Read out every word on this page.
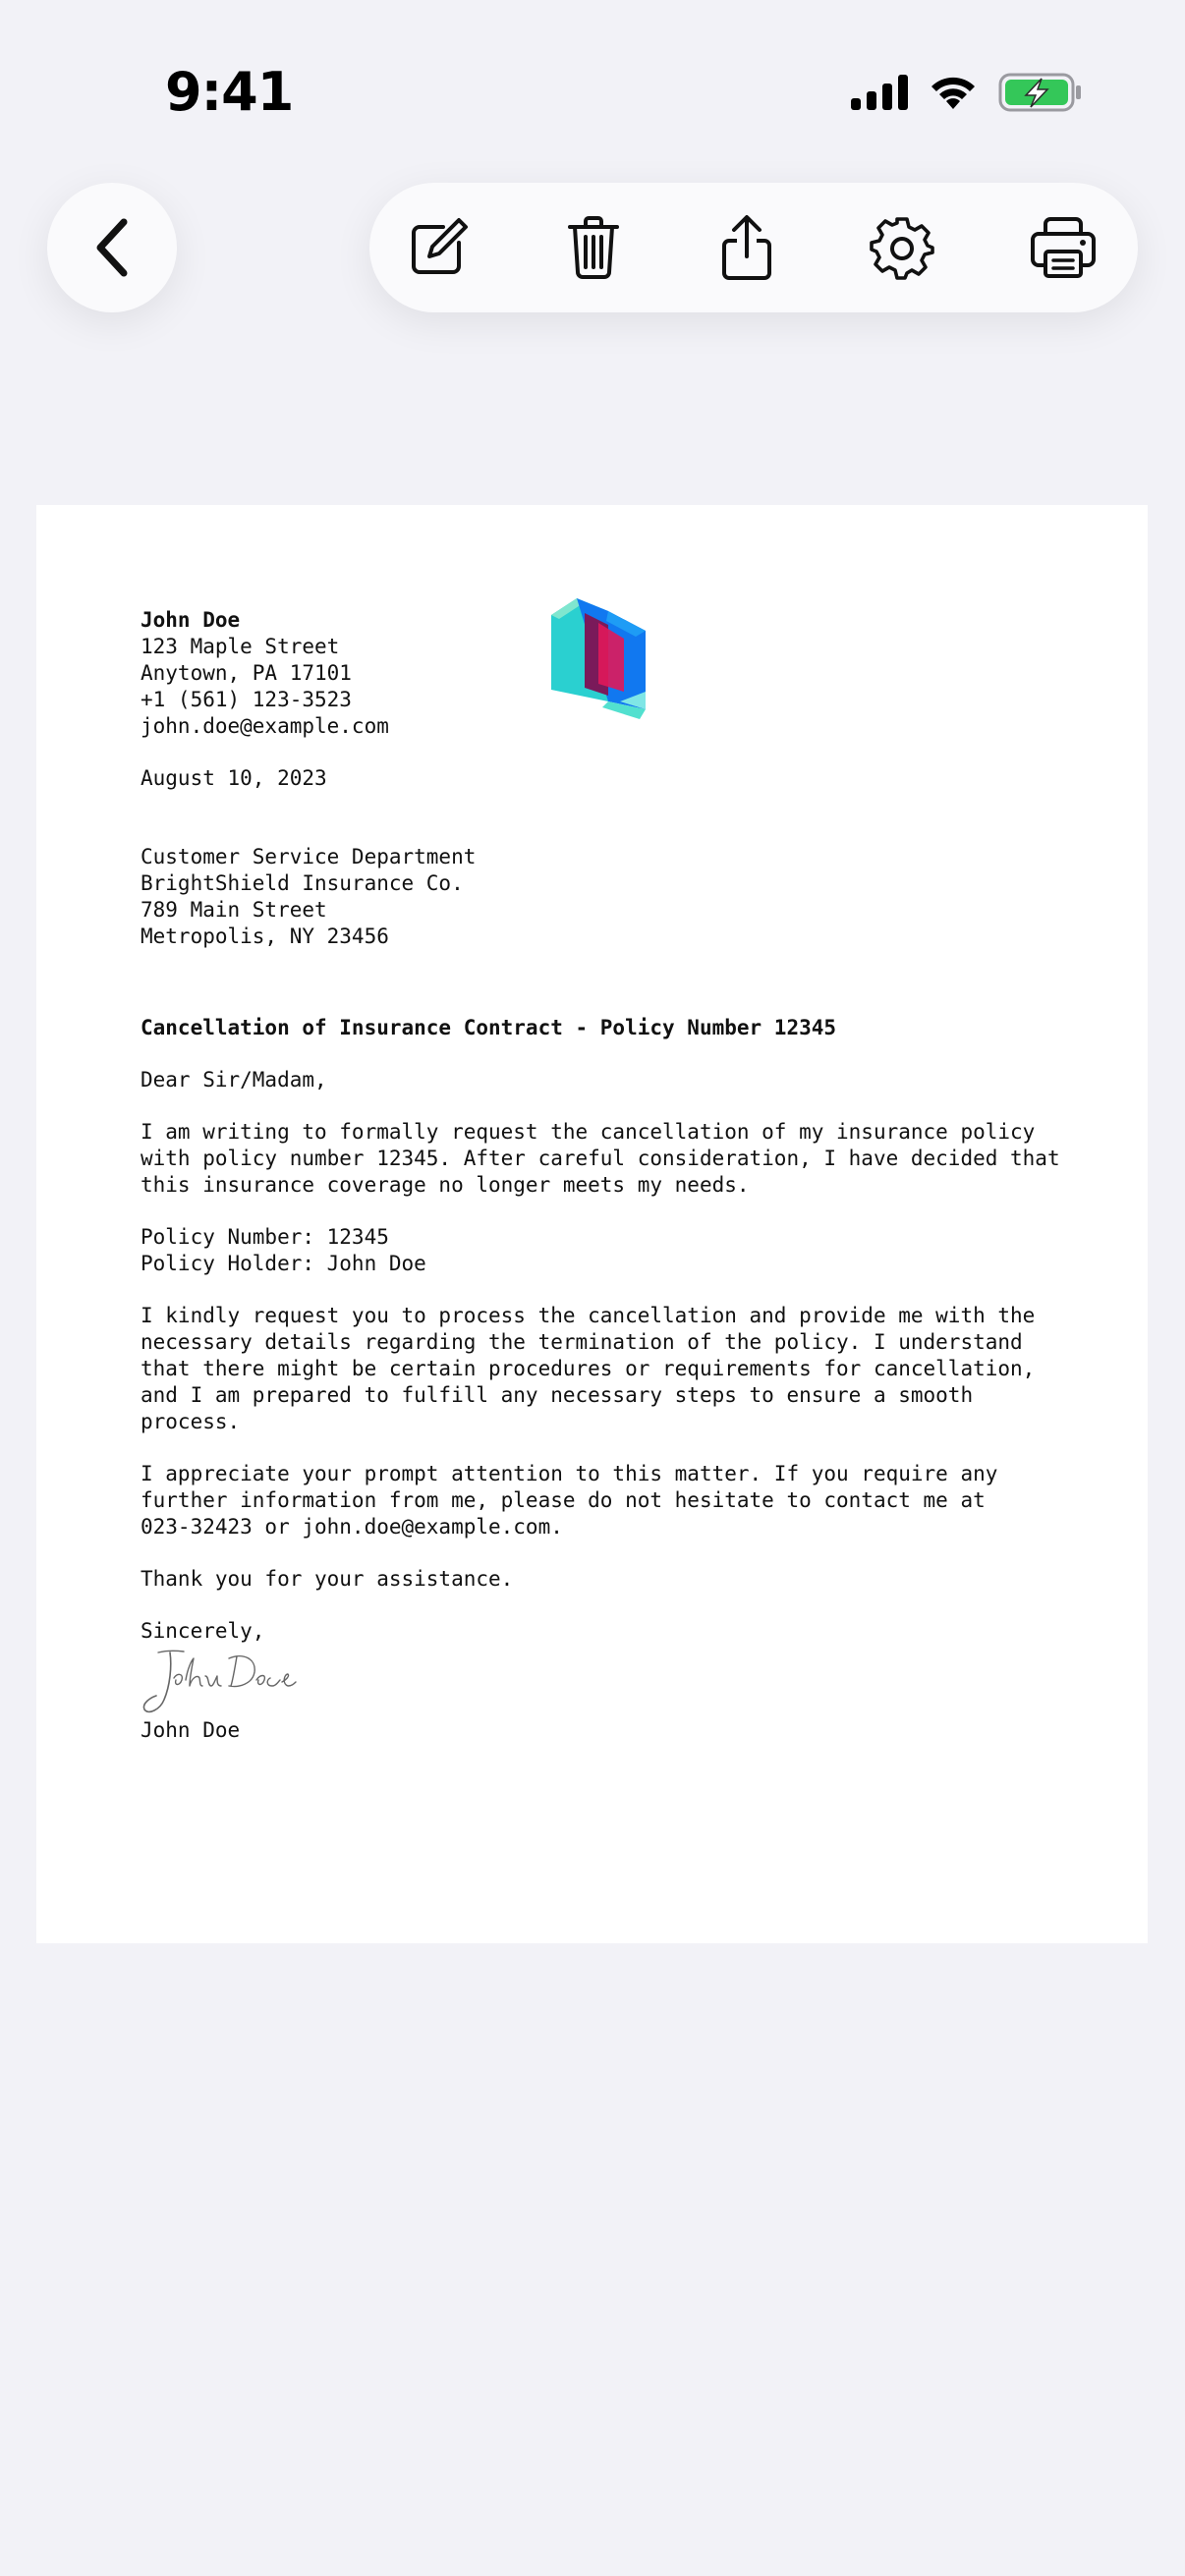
9:41
John Doe
123 Maple Street
Anytown, PA 17101
+1 (561) 123-3523
john.doe@example.com
August 10, 2023
Customer Service Department
BrightShield Insurance Co.
789 Main Street
Metropolis, NY 23456
Cancellation of Insurance Contract - Policy Number 12345
Dear Sir/Madam,
I am writing to formally request the cancellation of my insurance policy
with policy number 12345. After careful consideration, I have decided that
this insurance coverage no longer meets my needs.
Policy Number: 12345
Policy Holder: John Doe
I kindly request you to process the cancellation and provide me with the
necessary details regarding the termination of the policy. I understand
that there might be certain procedures or requirements for cancellation,
and I am prepared to fulfill any necessary steps to ensure a smooth
process.
I appreciate your prompt attention to this matter. If you require any
further information from me, please do not hesitate to contact me at
023-32423 or john.doe@example.com.
Thank you for your assistance.
Sincerely,
John Doe
